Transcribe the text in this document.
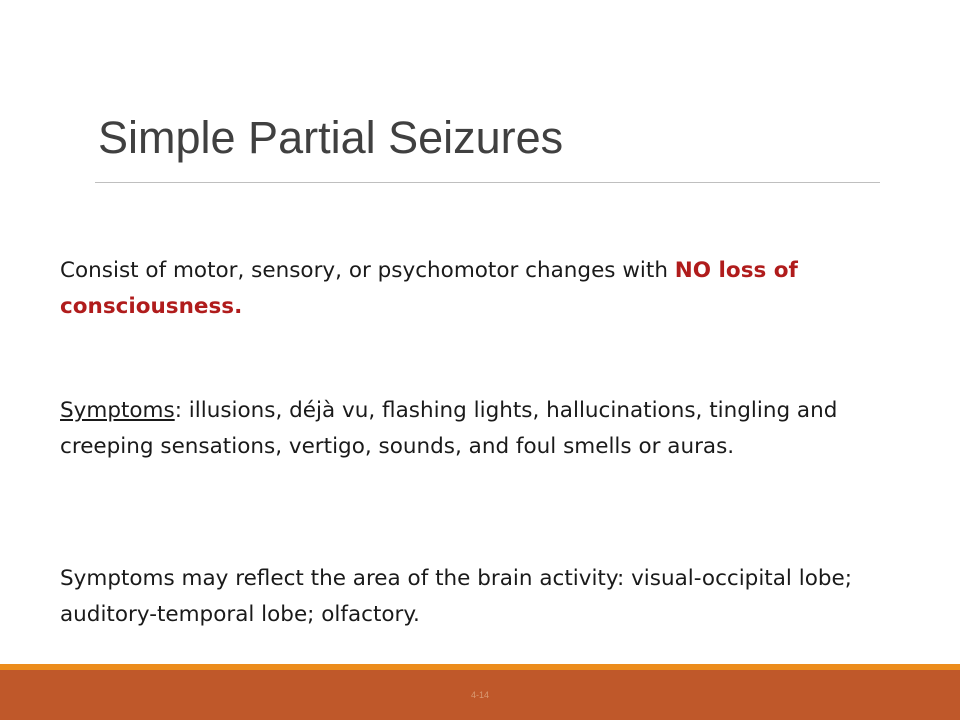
Simple Partial Seizures

Consist of motor, sensory, or psychomotor changes with NO loss of consciousness.

Symptoms: illusions, déjà vu, flashing lights, hallucinations, tingling and creeping sensations, vertigo, sounds, and foul smells or auras.

Symptoms may reflect the area of the brain activity: visual-occipital lobe; auditory-temporal lobe; olfactory.

4-14
